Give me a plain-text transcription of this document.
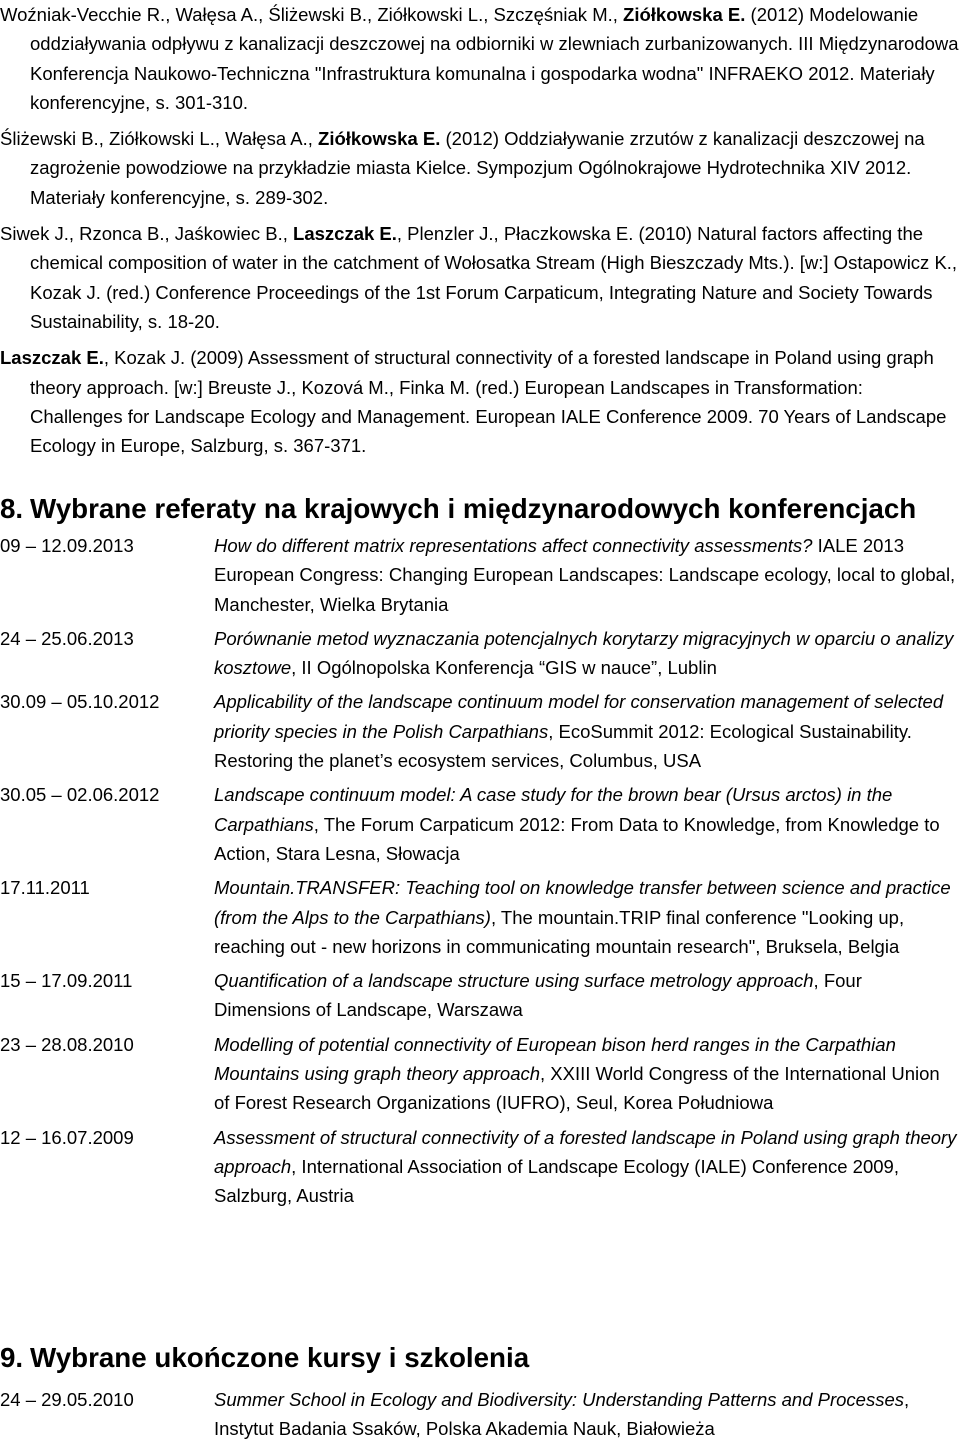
Woźniak-Vecchie R., Wałęsa A., Śliżewski B., Ziółkowski L., Szczęśniak M., Ziółkowska E. (2012) Modelowanie oddziaływania odpływu z kanalizacji deszczowej na odbiorniki w zlewniach zurbanizowanych. III Międzynarodowa Konferencja Naukowo-Techniczna "Infrastruktura komunalna i gospodarka wodna" INFRAEKO 2012. Materiały konferencyjne, s. 301-310.

Śliżewski B., Ziółkowski L., Wałęsa A., Ziółkowska E. (2012) Oddziaływanie zrzutów z kanalizacji deszczowej na zagrożenie powodziowe na przykładzie miasta Kielce. Sympozjum Ogólnokrajowe Hydrotechnika XIV 2012. Materiały konferencyjne, s. 289-302.

Siwek J., Rzonca B., Jaśkowiec B., Laszczak E., Plenzler J., Płaczkowska E. (2010) Natural factors affecting the chemical composition of water in the catchment of Wołosatka Stream (High Bieszczady Mts.). [w:] Ostapowicz K., Kozak J. (red.) Conference Proceedings of the 1st Forum Carpaticum, Integrating Nature and Society Towards Sustainability, s. 18-20.

Laszczak E., Kozak J. (2009) Assessment of structural connectivity of a forested landscape in Poland using graph theory approach. [w:] Breuste J., Kozová M., Finka M. (red.) European Landscapes in Transformation: Challenges for Landscape Ecology and Management. European IALE Conference 2009. 70 Years of Landscape Ecology in Europe, Salzburg, s. 367-371.

8. Wybrane referaty na krajowych i międzynarodowych konferencjach
09 – 12.09.2013	How do different matrix representations affect connectivity assessments? IALE 2013 European Congress: Changing European Landscapes: Landscape ecology, local to global, Manchester, Wielka Brytania
24 – 25.06.2013	Porównanie metod wyznaczania potencjalnych korytarzy migracyjnych w oparciu o analizy kosztowe, II Ogólnopolska Konferencja “GIS w nauce”, Lublin
30.09 – 05.10.2012	Applicability of the landscape continuum model for conservation management of selected priority species in the Polish Carpathians, EcoSummit 2012: Ecological Sustainability. Restoring the planet’s ecosystem services, Columbus, USA
30.05 – 02.06.2012	Landscape continuum model: A case study for the brown bear (Ursus arctos) in the Carpathians, The Forum Carpaticum 2012: From Data to Knowledge, from Knowledge to Action, Stara Lesna, Słowacja
17.11.2011	Mountain.TRANSFER: Teaching tool on knowledge transfer between science and practice (from the Alps to the Carpathians), The mountain.TRIP final conference "Looking up, reaching out - new horizons in communicating mountain research", Bruksela, Belgia
15 – 17.09.2011	Quantification of a landscape structure using surface metrology approach, Four Dimensions of Landscape, Warszawa
23 – 28.08.2010	Modelling of potential connectivity of European bison herd ranges in the Carpathian Mountains using graph theory approach, XXIII World Congress of the International Union of Forest Research Organizations (IUFRO), Seul, Korea Południowa
12 – 16.07.2009	Assessment of structural connectivity of a forested landscape in Poland using graph theory approach, International Association of Landscape Ecology (IALE) Conference 2009, Salzburg, Austria
9. Wybrane ukończone kursy i szkolenia
24 – 29.05.2010	Summer School in Ecology and Biodiversity: Understanding Patterns and Processes, Instytut Badania Ssaków, Polska Akademia Nauk, Białowieża
